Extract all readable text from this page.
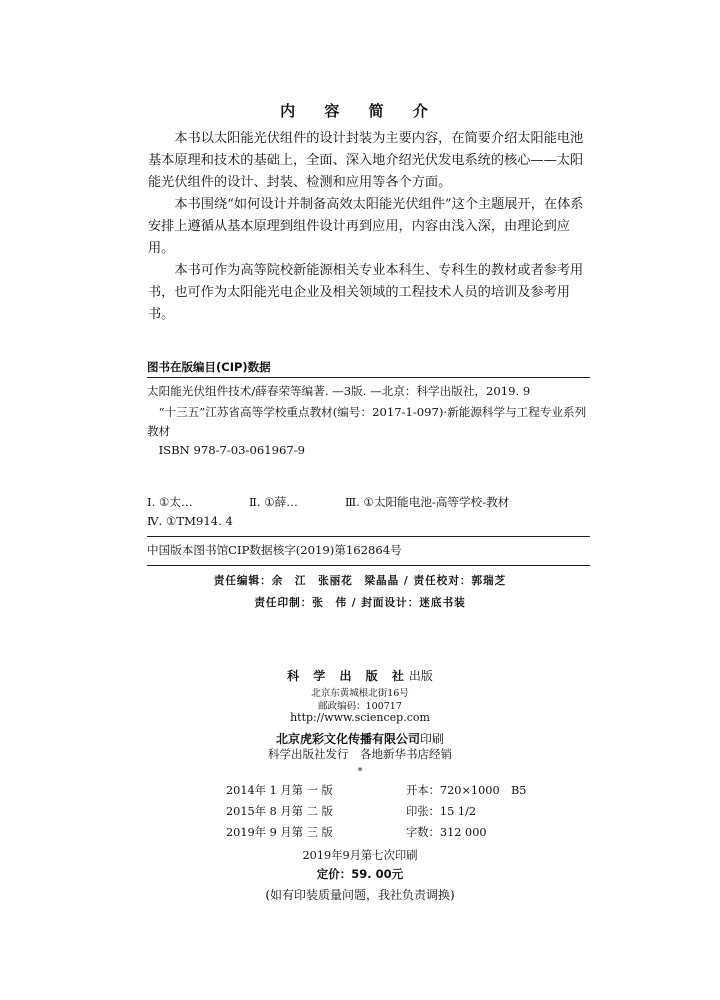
内 容 简 介

本书以太阳能光伏组件的设计封装为主要内容，在简要介绍太阳能电池基本原理和技术的基础上，全面、深入地介绍光伏发电系统的核心——太阳能光伏组件的设计、封装、检测和应用等各个方面。

本书围绕“如何设计并制备高效太阳能光伏组件”这个主题展开，在体系安排上遵循从基本原理到组件设计再到应用，内容由浅入深，由理论到应用。

本书可作为高等院校新能源相关专业本科生、专科生的教材或者参考用书，也可作为太阳能光电企业及相关领域的工程技术人员的培训及参考用书。

图书在版编目(CIP)数据

太阳能光伏组件技术/薛春荣等编著. —3版. —北京：科学出版社，2019. 9

“十三五”江苏省高等学校重点教材(编号：2017-1-097)·新能源科学与工程专业系列教材

ISBN 978-7-03-061967-9

Ⅰ. ①太…	Ⅱ. ①薛…	Ⅲ. ①太阳能电池-高等学校-教材
Ⅳ. ①TM914. 4
中国版本图书馆CIP数据核字(2019)第162864号
责任编辑：余　江　张丽花　梁晶晶 / 责任校对：郭瑞芝
责任印制：张　伟 / 封面设计：迷底书装
科 学 出 版 社出版
北京东黄城根北街16号
邮政编码：100717
http://www.sciencep.com
北京虎彩文化传播有限公司印刷
科学出版社发行　各地新华书店经销
*
2014年 1 月第 一 版	开本：720×1000　B5
2015年 8 月第 二 版	印张：15 1/2
2019年 9 月第 三 版	字数：312 000
2019年9月第七次印刷
定价：59. 00元
(如有印装质量问题，我社负责调换)
